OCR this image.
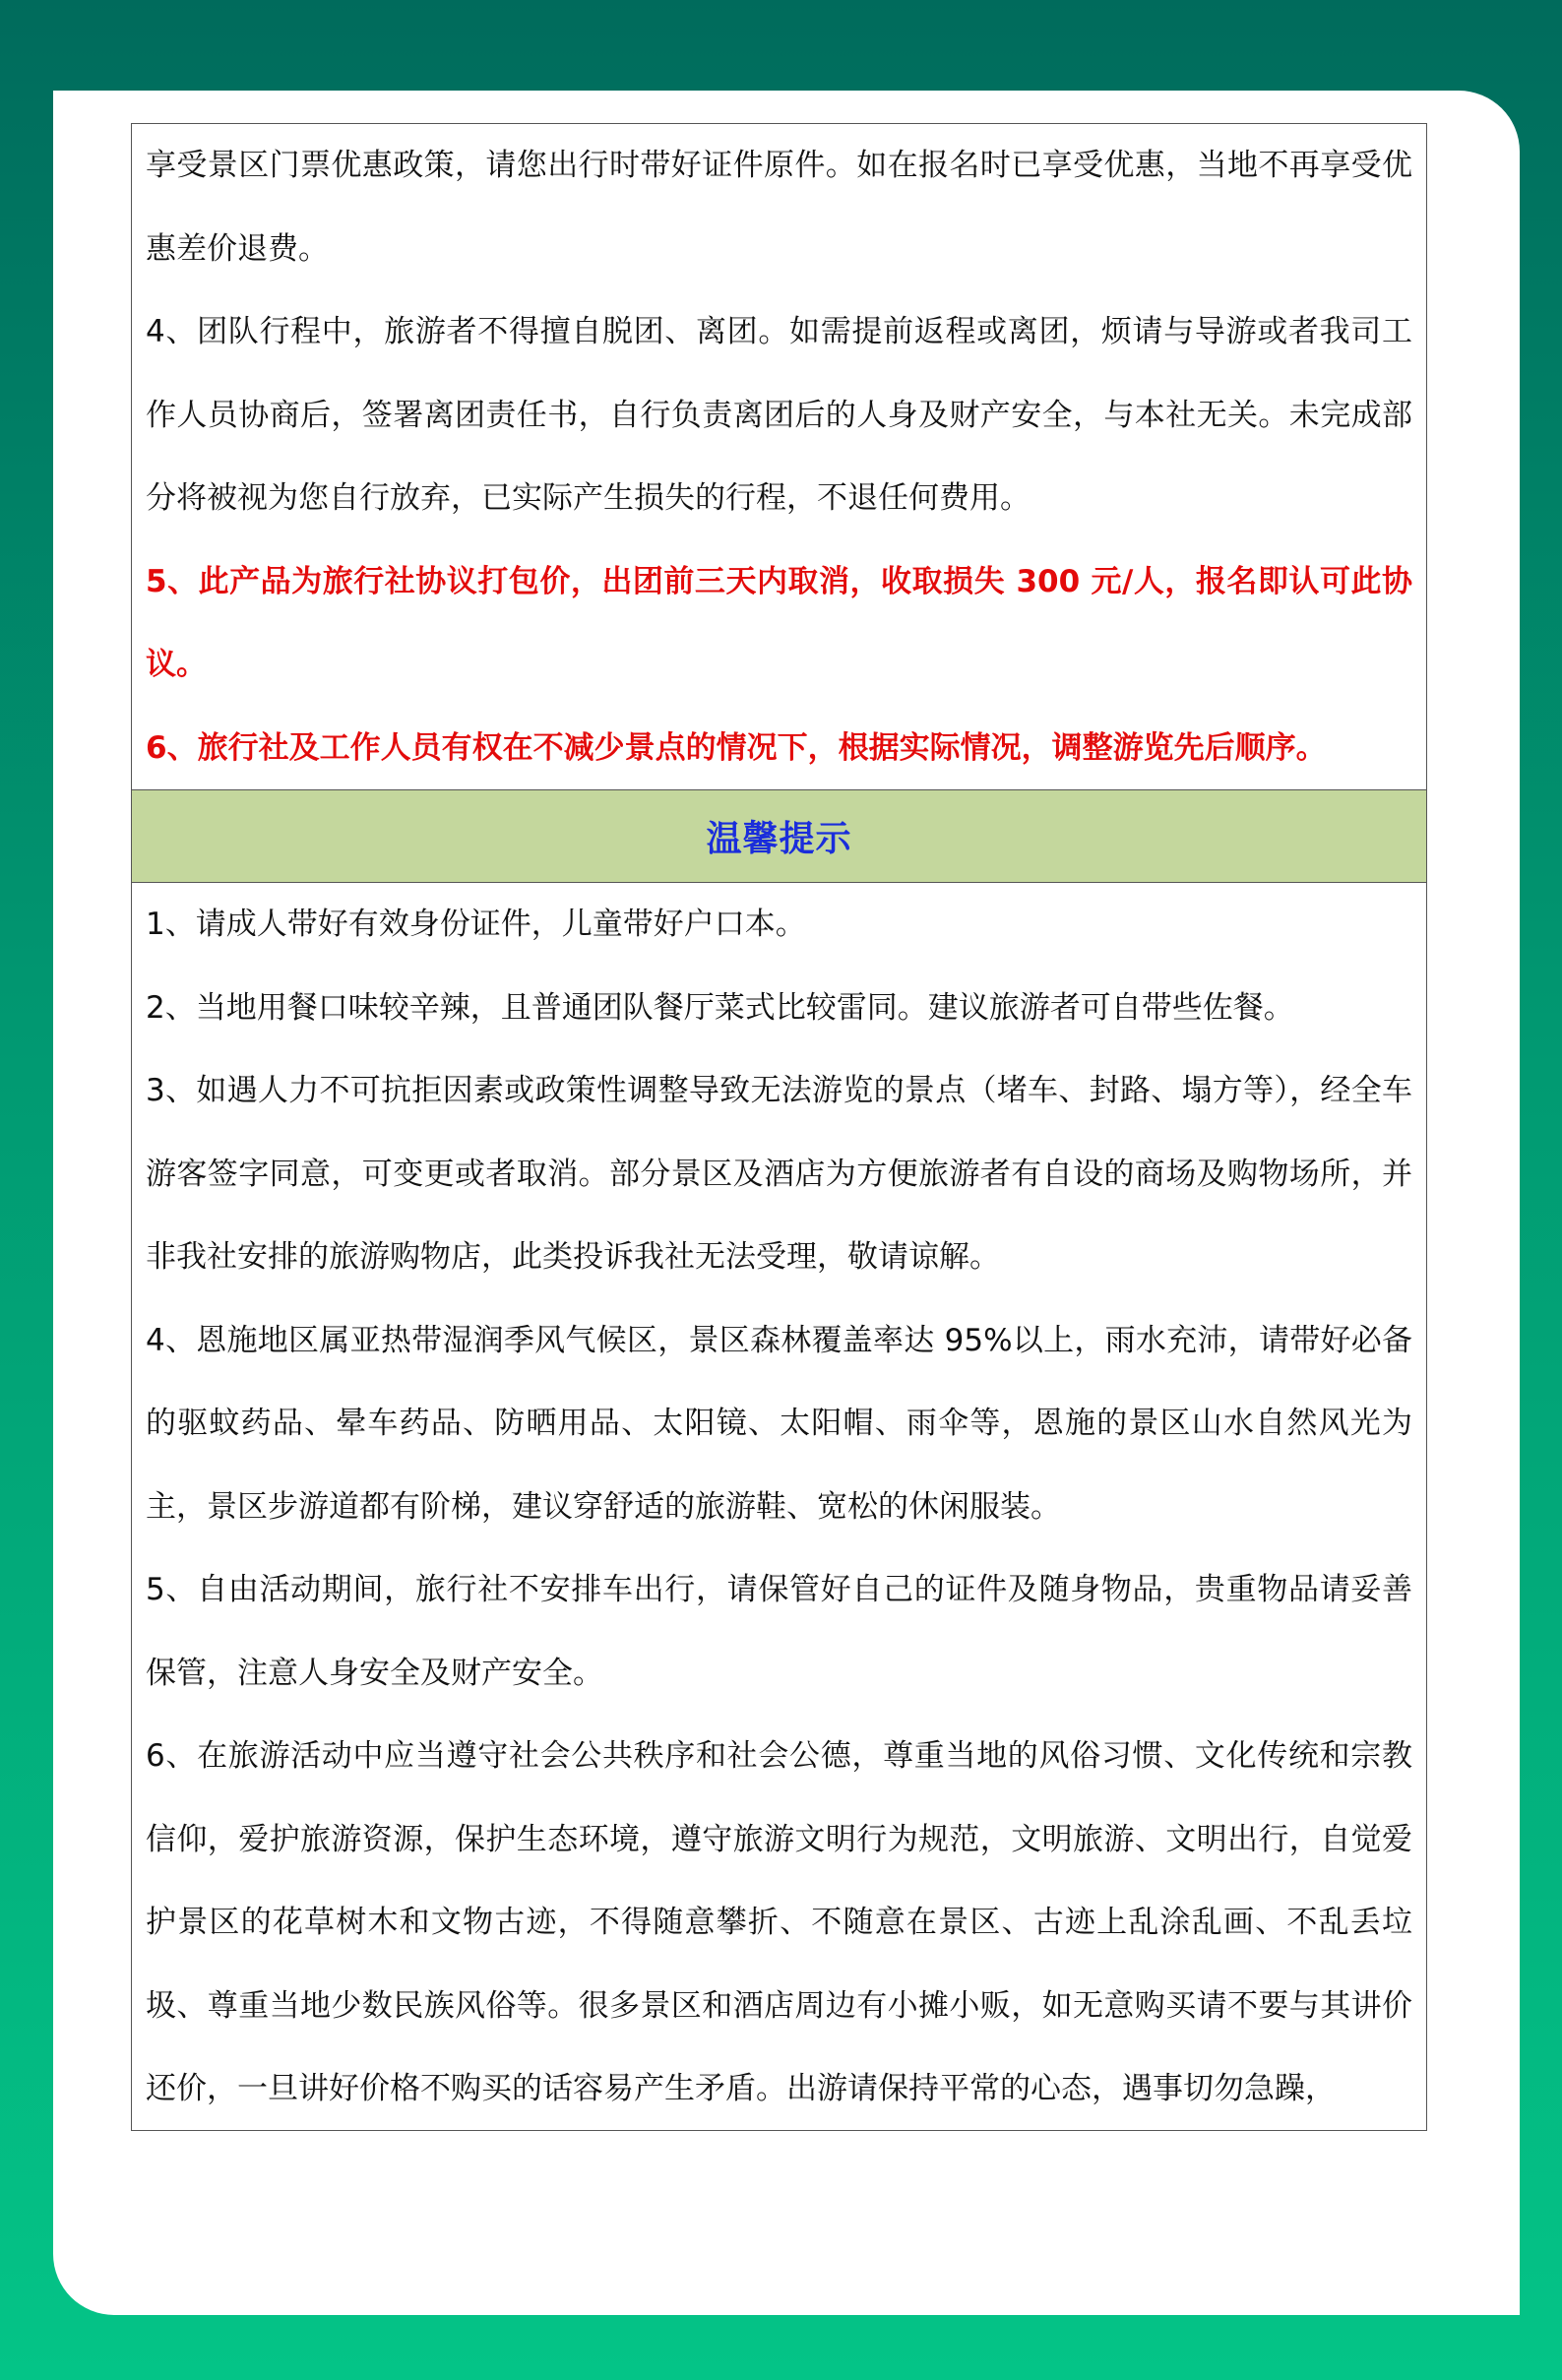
享受景区门票优惠政策，请您出行时带好证件原件。如在报名时已享受优惠，当地不再享受优惠差价退费。

4、团队行程中，旅游者不得擅自脱团、离团。如需提前返程或离团，烦请与导游或者我司工作人员协商后，签署离团责任书，自行负责离团后的人身及财产安全，与本社无关。未完成部分将被视为您自行放弃，已实际产生损失的行程，不退任何费用。

5、此产品为旅行社协议打包价，出团前三天内取消，收取损失 300 元/人，报名即认可此协议。

6、旅行社及工作人员有权在不减少景点的情况下，根据实际情况，调整游览先后顺序。

温馨提示

1、请成人带好有效身份证件，儿童带好户口本。

2、当地用餐口味较辛辣，且普通团队餐厅菜式比较雷同。建议旅游者可自带些佐餐。

3、如遇人力不可抗拒因素或政策性调整导致无法游览的景点（堵车、封路、塌方等），经全车游客签字同意，可变更或者取消。部分景区及酒店为方便旅游者有自设的商场及购物场所，并非我社安排的旅游购物店，此类投诉我社无法受理，敬请谅解。

4、恩施地区属亚热带湿润季风气候区，景区森林覆盖率达 95%以上，雨水充沛，请带好必备的驱蚊药品、晕车药品、防晒用品、太阳镜、太阳帽、雨伞等，恩施的景区山水自然风光为主，景区步游道都有阶梯，建议穿舒适的旅游鞋、宽松的休闲服装。

5、自由活动期间，旅行社不安排车出行，请保管好自己的证件及随身物品，贵重物品请妥善保管，注意人身安全及财产安全。

6、在旅游活动中应当遵守社会公共秩序和社会公德，尊重当地的风俗习惯、文化传统和宗教信仰，爱护旅游资源，保护生态环境，遵守旅游文明行为规范，文明旅游、文明出行，自觉爱护景区的花草树木和文物古迹，不得随意攀折、不随意在景区、古迹上乱涂乱画、不乱丢垃圾、尊重当地少数民族风俗等。很多景区和酒店周边有小摊小贩，如无意购买请不要与其讲价还价，一旦讲好价格不购买的话容易产生矛盾。出游请保持平常的心态，遇事切勿急躁，
